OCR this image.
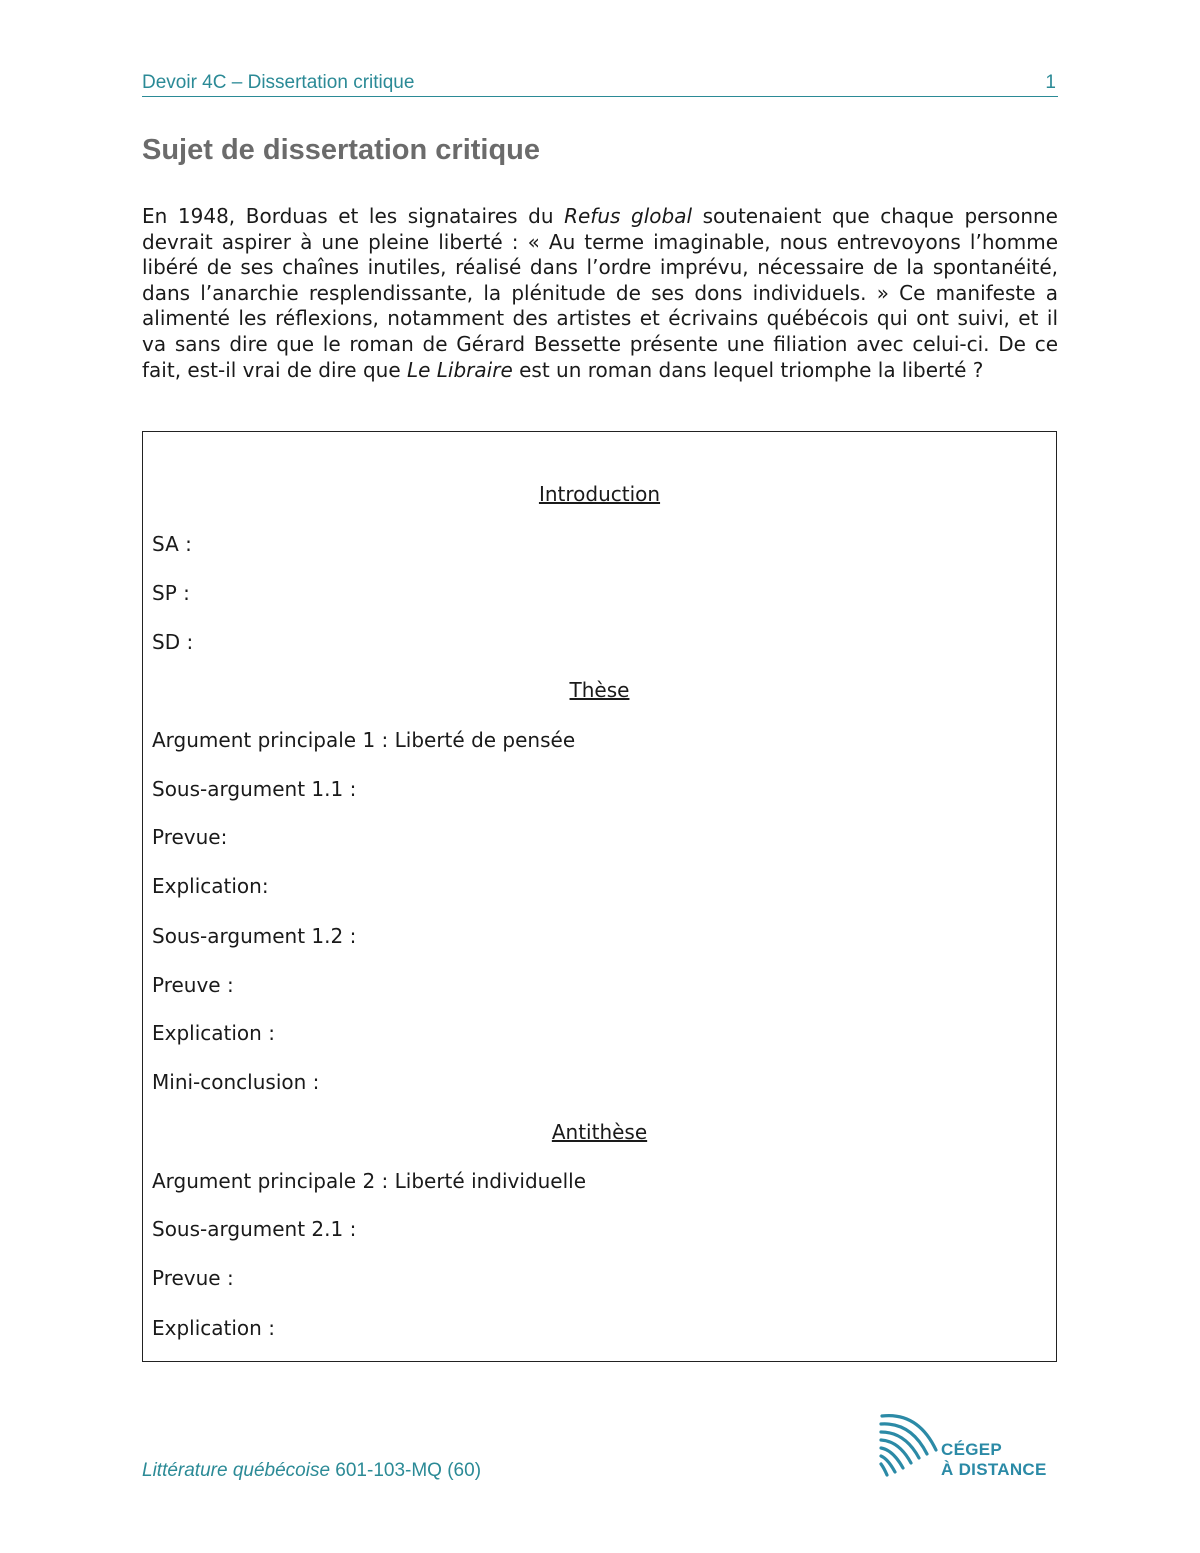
Devoir 4C – Dissertation critique	1
Sujet de dissertation critique

En 1948, Borduas et les signataires du Refus global soutenaient que chaque personne devrait aspirer à une pleine liberté : « Au terme imaginable, nous entrevoyons l’homme libéré de ses chaînes inutiles, réalisé dans l’ordre imprévu, nécessaire de la spontanéité, dans l’anarchie resplendissante, la plénitude de ses dons individuels. » Ce manifeste a alimenté les réflexions, notamment des artistes et écrivains québécois qui ont suivi, et il va sans dire que le roman de Gérard Bessette présente une filiation avec celui-ci. De ce fait, est-il vrai de dire que Le Libraire est un roman dans lequel triomphe la liberté ?

Introduction
SA :
SP :
SD :
Thèse
Argument principale 1 : Liberté de pensée
Sous-argument 1.1 :
Prevue:
Explication:
Sous-argument 1.2 :
Preuve :
Explication :
Mini-conclusion :
Antithèse
Argument principale 2 : Liberté individuelle
Sous-argument 2.1 :
Prevue :
Explication :
Littérature québécoise 601-103-MQ (60)
CÉGEP
À DISTANCE
